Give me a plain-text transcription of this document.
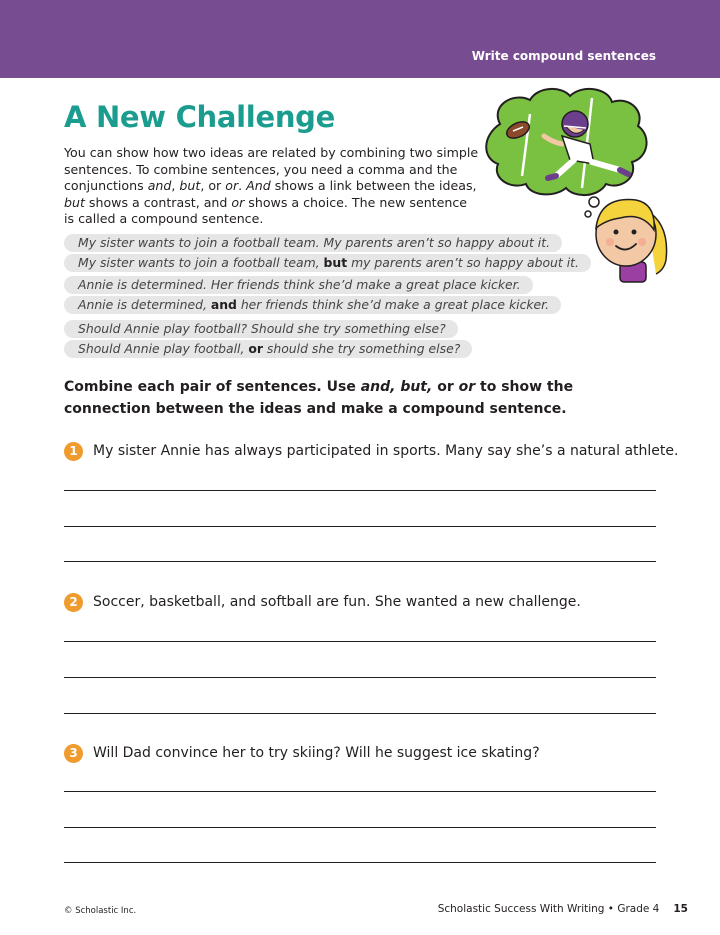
Write compound sentences
A New Challenge

You can show how two ideas are related by combining two simple sentences. To combine sentences, you need a comma and the conjunctions and, but, or or. And shows a link between the ideas, but shows a contrast, and or shows a choice. The new sentence is called a compound sentence.

My sister wants to join a football team. My parents aren’t so happy about it.
My sister wants to join a football team, but my parents aren’t so happy about it.
Annie is determined. Her friends think she’d make a great place kicker.
Annie is determined, and her friends think she’d make a great place kicker.
Should Annie play football? Should she try something else?
Should Annie play football, or should she try something else?

Combine each pair of sentences. Use and, but, or or to show the connection between the ideas and make a compound sentence.

1	My sister Annie has always participated in sports. Many say she’s a natural athlete.
2	Soccer, basketball, and softball are fun. She wanted a new challenge.
3	Will Dad convince her to try skiing? Will he suggest ice skating?
© Scholastic Inc.	Scholastic Success With Writing • Grade 4 15
